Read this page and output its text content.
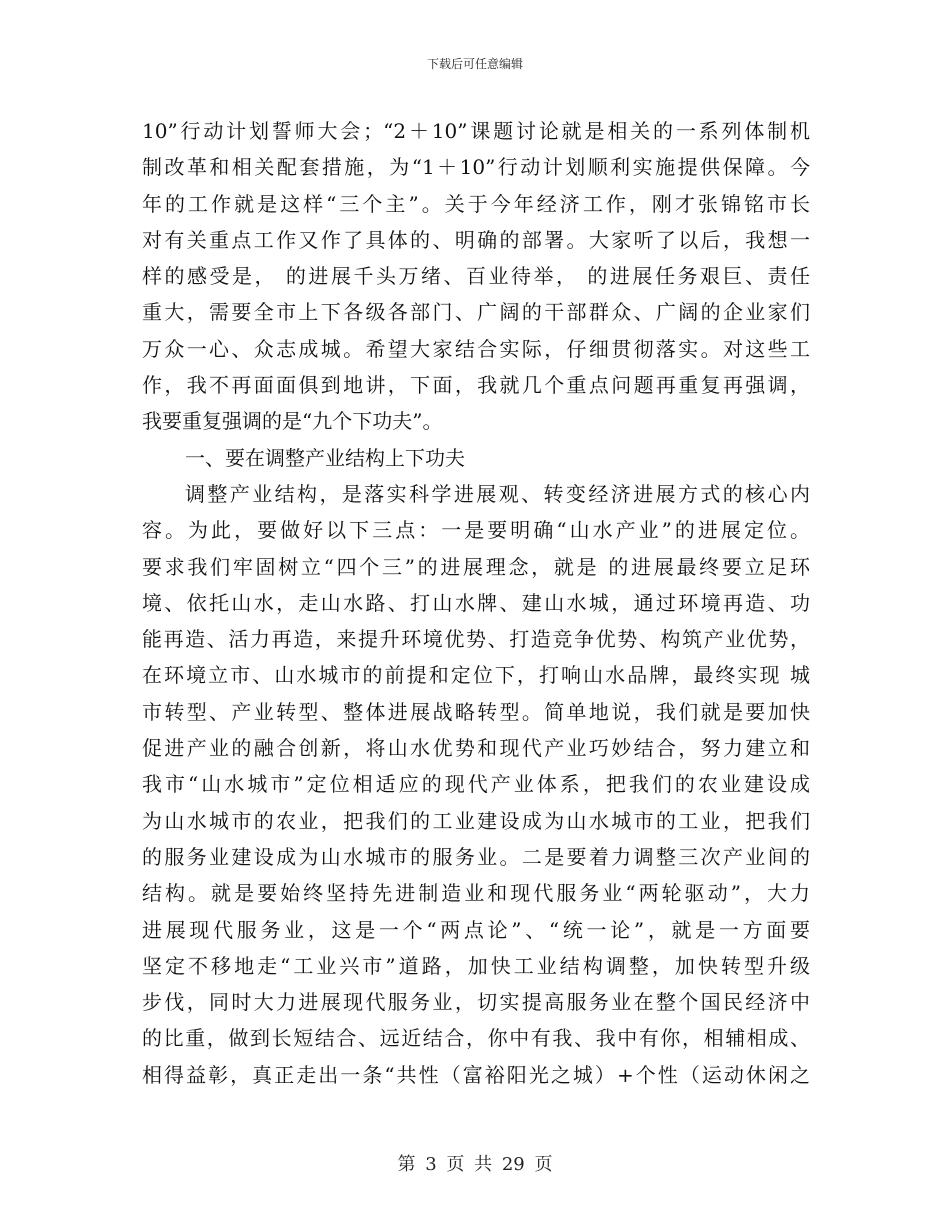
下载后可任意编辑
10”行动计划誓师大会；“2＋10”课题讨论就是相关的一系列体制机
制改革和相关配套措施，为“1＋10”行动计划顺利实施提供保障。今
年的工作就是这样“三个主”。关于今年经济工作，刚才张锦铭市长
对有关重点工作又作了具体的、明确的部署。大家听了以后，我想一
样的感受是， 的进展千头万绪、百业待举， 的进展任务艰巨、责任
重大，需要全市上下各级各部门、广阔的干部群众、广阔的企业家们
万众一心、众志成城。希望大家结合实际，仔细贯彻落实。对这些工
作，我不再面面俱到地讲，下面，我就几个重点问题再重复再强调，
我要重复强调的是“九个下功夫”。
一、要在调整产业结构上下功夫
调整产业结构，是落实科学进展观、转变经济进展方式的核心内
容。为此，要做好以下三点：一是要明确“山水产业”的进展定位。
要求我们牢固树立“四个三”的进展理念，就是 的进展最终要立足环
境、依托山水，走山水路、打山水牌、建山水城，通过环境再造、功
能再造、活力再造，来提升环境优势、打造竞争优势、构筑产业优势，
在环境立市、山水城市的前提和定位下，打响山水品牌，最终实现 城
市转型、产业转型、整体进展战略转型。简单地说，我们就是要加快
促进产业的融合创新，将山水优势和现代产业巧妙结合，努力建立和
我市“山水城市”定位相适应的现代产业体系，把我们的农业建设成
为山水城市的农业，把我们的工业建设成为山水城市的工业，把我们
的服务业建设成为山水城市的服务业。二是要着力调整三次产业间的
结构。就是要始终坚持先进制造业和现代服务业“两轮驱动”，大力
进展现代服务业，这是一个“两点论”、“统一论”，就是一方面要
坚定不移地走“工业兴市”道路，加快工业结构调整，加快转型升级
步伐，同时大力进展现代服务业，切实提高服务业在整个国民经济中
的比重，做到长短结合、远近结合，你中有我、我中有你，相辅相成、
相得益彰，真正走出一条“共性（富裕阳光之城）+个性（运动休闲之
第 3 页 共 29 页
